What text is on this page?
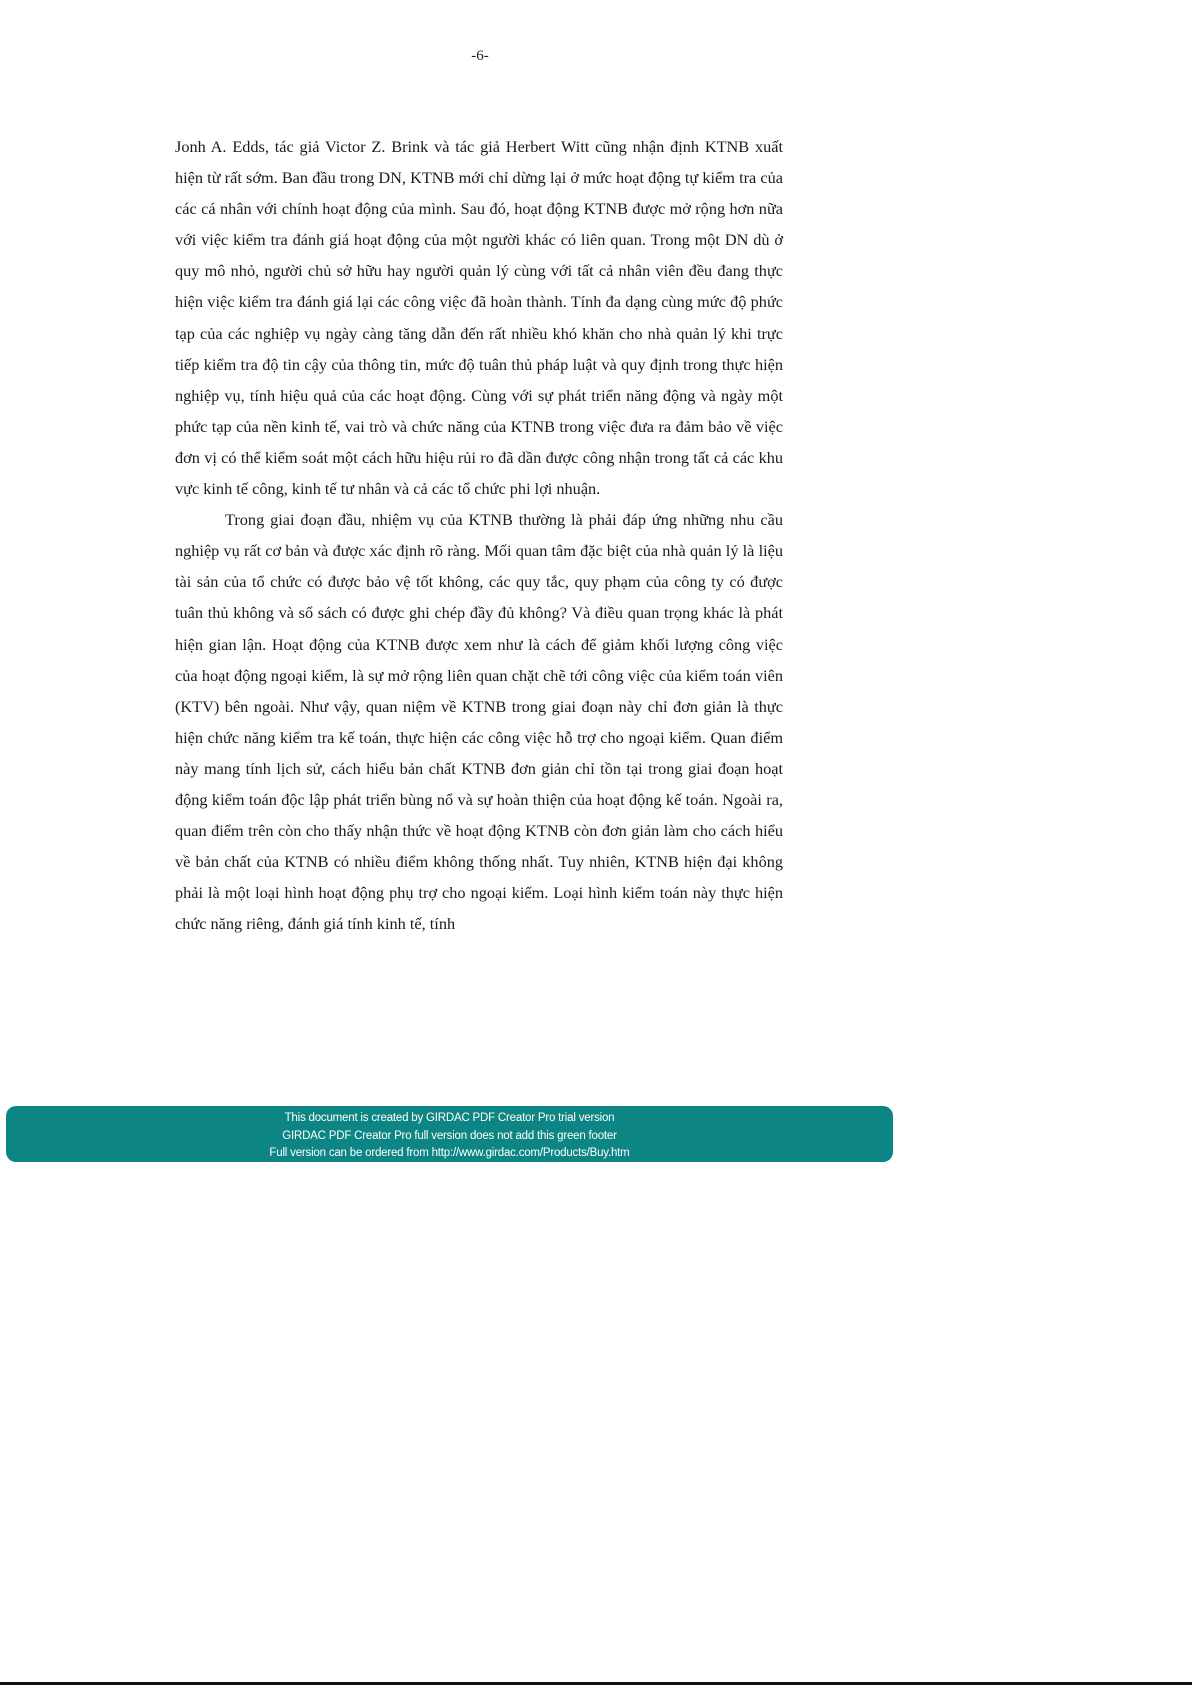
-6-

Jonh A. Edds, tác giả Victor Z. Brink và tác giả Herbert Witt cũng nhận định KTNB xuất hiện từ rất sớm. Ban đầu trong DN, KTNB mới chỉ dừng lại ở mức hoạt động tự kiểm tra của các cá nhân với chính hoạt động của mình. Sau đó, hoạt động KTNB được mở rộng hơn nữa với việc kiểm tra đánh giá hoạt động của một người khác có liên quan. Trong một DN dù ở quy mô nhỏ, người chủ sở hữu hay người quản lý cùng với tất cả nhân viên đều đang thực hiện việc kiểm tra đánh giá lại các công việc đã hoàn thành. Tính đa dạng cùng mức độ phức tạp của các nghiệp vụ ngày càng tăng dẫn đến rất nhiều khó khăn cho nhà quản lý khi trực tiếp kiểm tra độ tin cậy của thông tin, mức độ tuân thủ pháp luật và quy định trong thực hiện nghiệp vụ, tính hiệu quả của các hoạt động. Cùng với sự phát triển năng động và ngày một phức tạp của nền kinh tế, vai trò và chức năng của KTNB trong việc đưa ra đảm bảo về việc đơn vị có thể kiểm soát một cách hữu hiệu rủi ro đã dần được công nhận trong tất cả các khu vực kinh tế công, kinh tế tư nhân và cả các tổ chức phi lợi nhuận.

Trong giai đoạn đầu, nhiệm vụ của KTNB thường là phải đáp ứng những nhu cầu nghiệp vụ rất cơ bản và được xác định rõ ràng. Mối quan tâm đặc biệt của nhà quản lý là liệu tài sản của tổ chức có được bảo vệ tốt không, các quy tắc, quy phạm của công ty có được tuân thủ không và sổ sách có được ghi chép đầy đủ không? Và điều quan trọng khác là phát hiện gian lận. Hoạt động của KTNB được xem như là cách để giảm khối lượng công việc của hoạt động ngoại kiểm, là sự mở rộng liên quan chặt chẽ tới công việc của kiểm toán viên (KTV) bên ngoài. Như vậy, quan niệm về KTNB trong giai đoạn này chỉ đơn giản là thực hiện chức năng kiểm tra kế toán, thực hiện các công việc hỗ trợ cho ngoại kiểm. Quan điểm này mang tính lịch sử, cách hiểu bản chất KTNB đơn giản chỉ tồn tại trong giai đoạn hoạt động kiểm toán độc lập phát triển bùng nổ và sự hoàn thiện của hoạt động kế toán. Ngoài ra, quan điểm trên còn cho thấy nhận thức về hoạt động KTNB còn đơn giản làm cho cách hiểu về bản chất của KTNB có nhiều điểm không thống nhất. Tuy nhiên, KTNB hiện đại không phải là một loại hình hoạt động phụ trợ cho ngoại kiểm. Loại hình kiểm toán này thực hiện chức năng riêng, đánh giá tính kinh tế, tính

This document is created by GIRDAC PDF Creator Pro trial version
GIRDAC PDF Creator Pro full version does not add this green footer
Full version can be ordered from http://www.girdac.com/Products/Buy.htm
